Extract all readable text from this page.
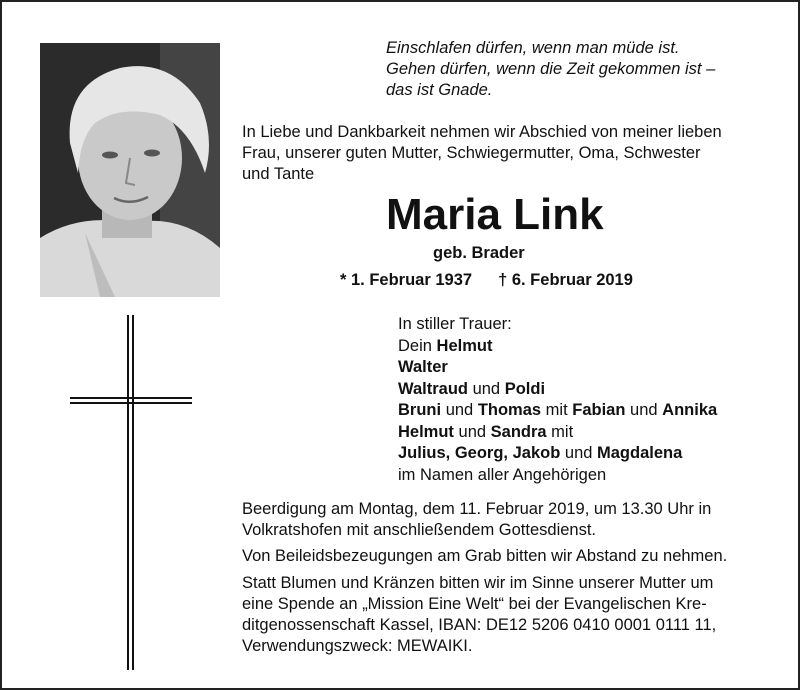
Einschlafen dürfen, wenn man müde ist.
Gehen dürfen, wenn die Zeit gekommen ist –
das ist Gnade.
In Liebe und Dankbarkeit nehmen wir Abschied von meiner lieben
Frau, unserer guten Mutter, Schwiegermutter, Oma, Schwester
und Tante
Maria Link
geb. Brader
* 1. Februar 1937 † 6. Februar 2019
In stiller Trauer:
Dein Helmut
Walter
Waltraud und Poldi
Bruni und Thomas mit Fabian und Annika
Helmut und Sandra mit
Julius, Georg, Jakob und Magdalena
im Namen aller Angehörigen
Beerdigung am Montag, dem 11. Februar 2019, um 13.30 Uhr in
Volkratshofen mit anschließendem Gottesdienst.
Von Beileidsbezeugungen am Grab bitten wir Abstand zu nehmen.
Statt Blumen und Kränzen bitten wir im Sinne unserer Mutter um
eine Spende an „Mission Eine Welt“ bei der Evangelischen Kre-
ditgenossenschaft Kassel, IBAN: DE12 5206 0410 0001 0111 11,
Verwendungszweck: MEWAIKI.
